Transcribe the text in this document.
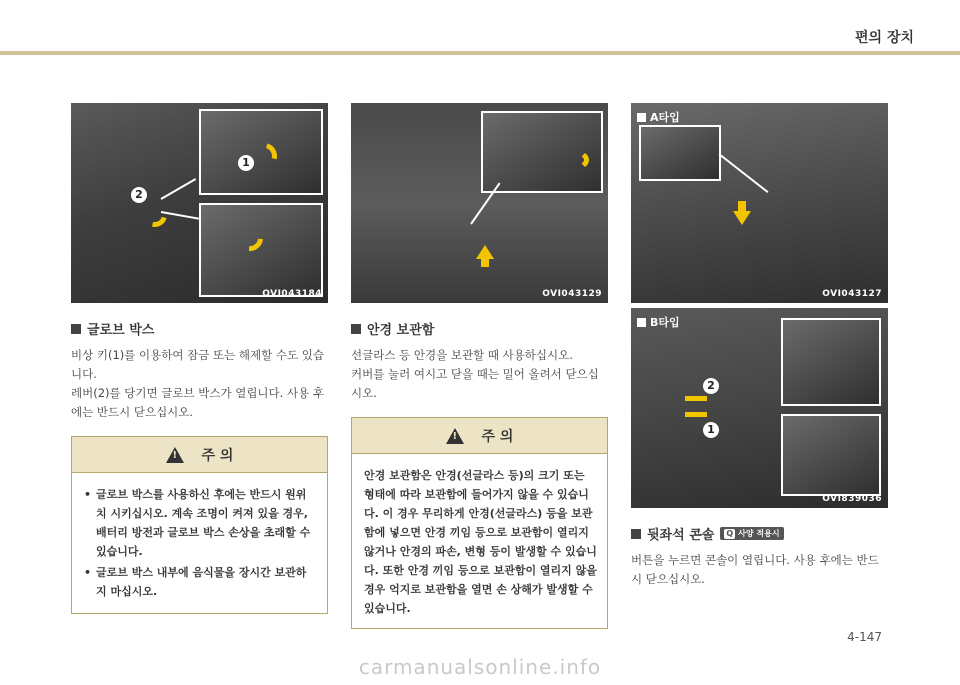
편의 장치
1
2
OVI043184
글로브 박스

비상 키(1)를 이용하여 잠금 또는 해제할 수도 있습니다.

레버(2)를 당기면 글로브 박스가 열립니다. 사용 후에는 반드시 닫으십시오.

!
주 의
• 글로브 박스를 사용하신 후에는 반드시 원위치 시키십시오. 계속 조명이 켜져 있을 경우, 배터리 방전과 글로브 박스 손상을 초래할 수 있습니다.
• 글로브 박스 내부에 음식물을 장시간 보관하지 마십시오.
OVI043129
안경 보관함

선글라스 등 안경을 보관할 때 사용하십시오.

커버를 눌러 여시고 닫을 때는 밀어 올려서 닫으십시오.

!
주 의

안경 보관함은 안경(선글라스 등)의 크기 또는 형태에 따라 보관함에 들어가지 않을 수 있습니다. 이 경우 무리하게 안경(선글라스) 등을 보관함에 넣으면 안경 끼임 등으로 보관함이 열리지 않거나 안경의 파손, 변형 등이 발생할 수 있습니다. 또한 안경 끼임 등으로 보관함이 열리지 않을 경우 억지로 보관함을 열면 손 상해가 발생할 수 있습니다.

A타입
OVI043127
B타입
2
1
OVI839036
뒷좌석 콘솔 Q 사양 적용시

버튼을 누르면 콘솔이 열립니다. 사용 후에는 반드시 닫으십시오.

4-147
carmanualsonline.info
